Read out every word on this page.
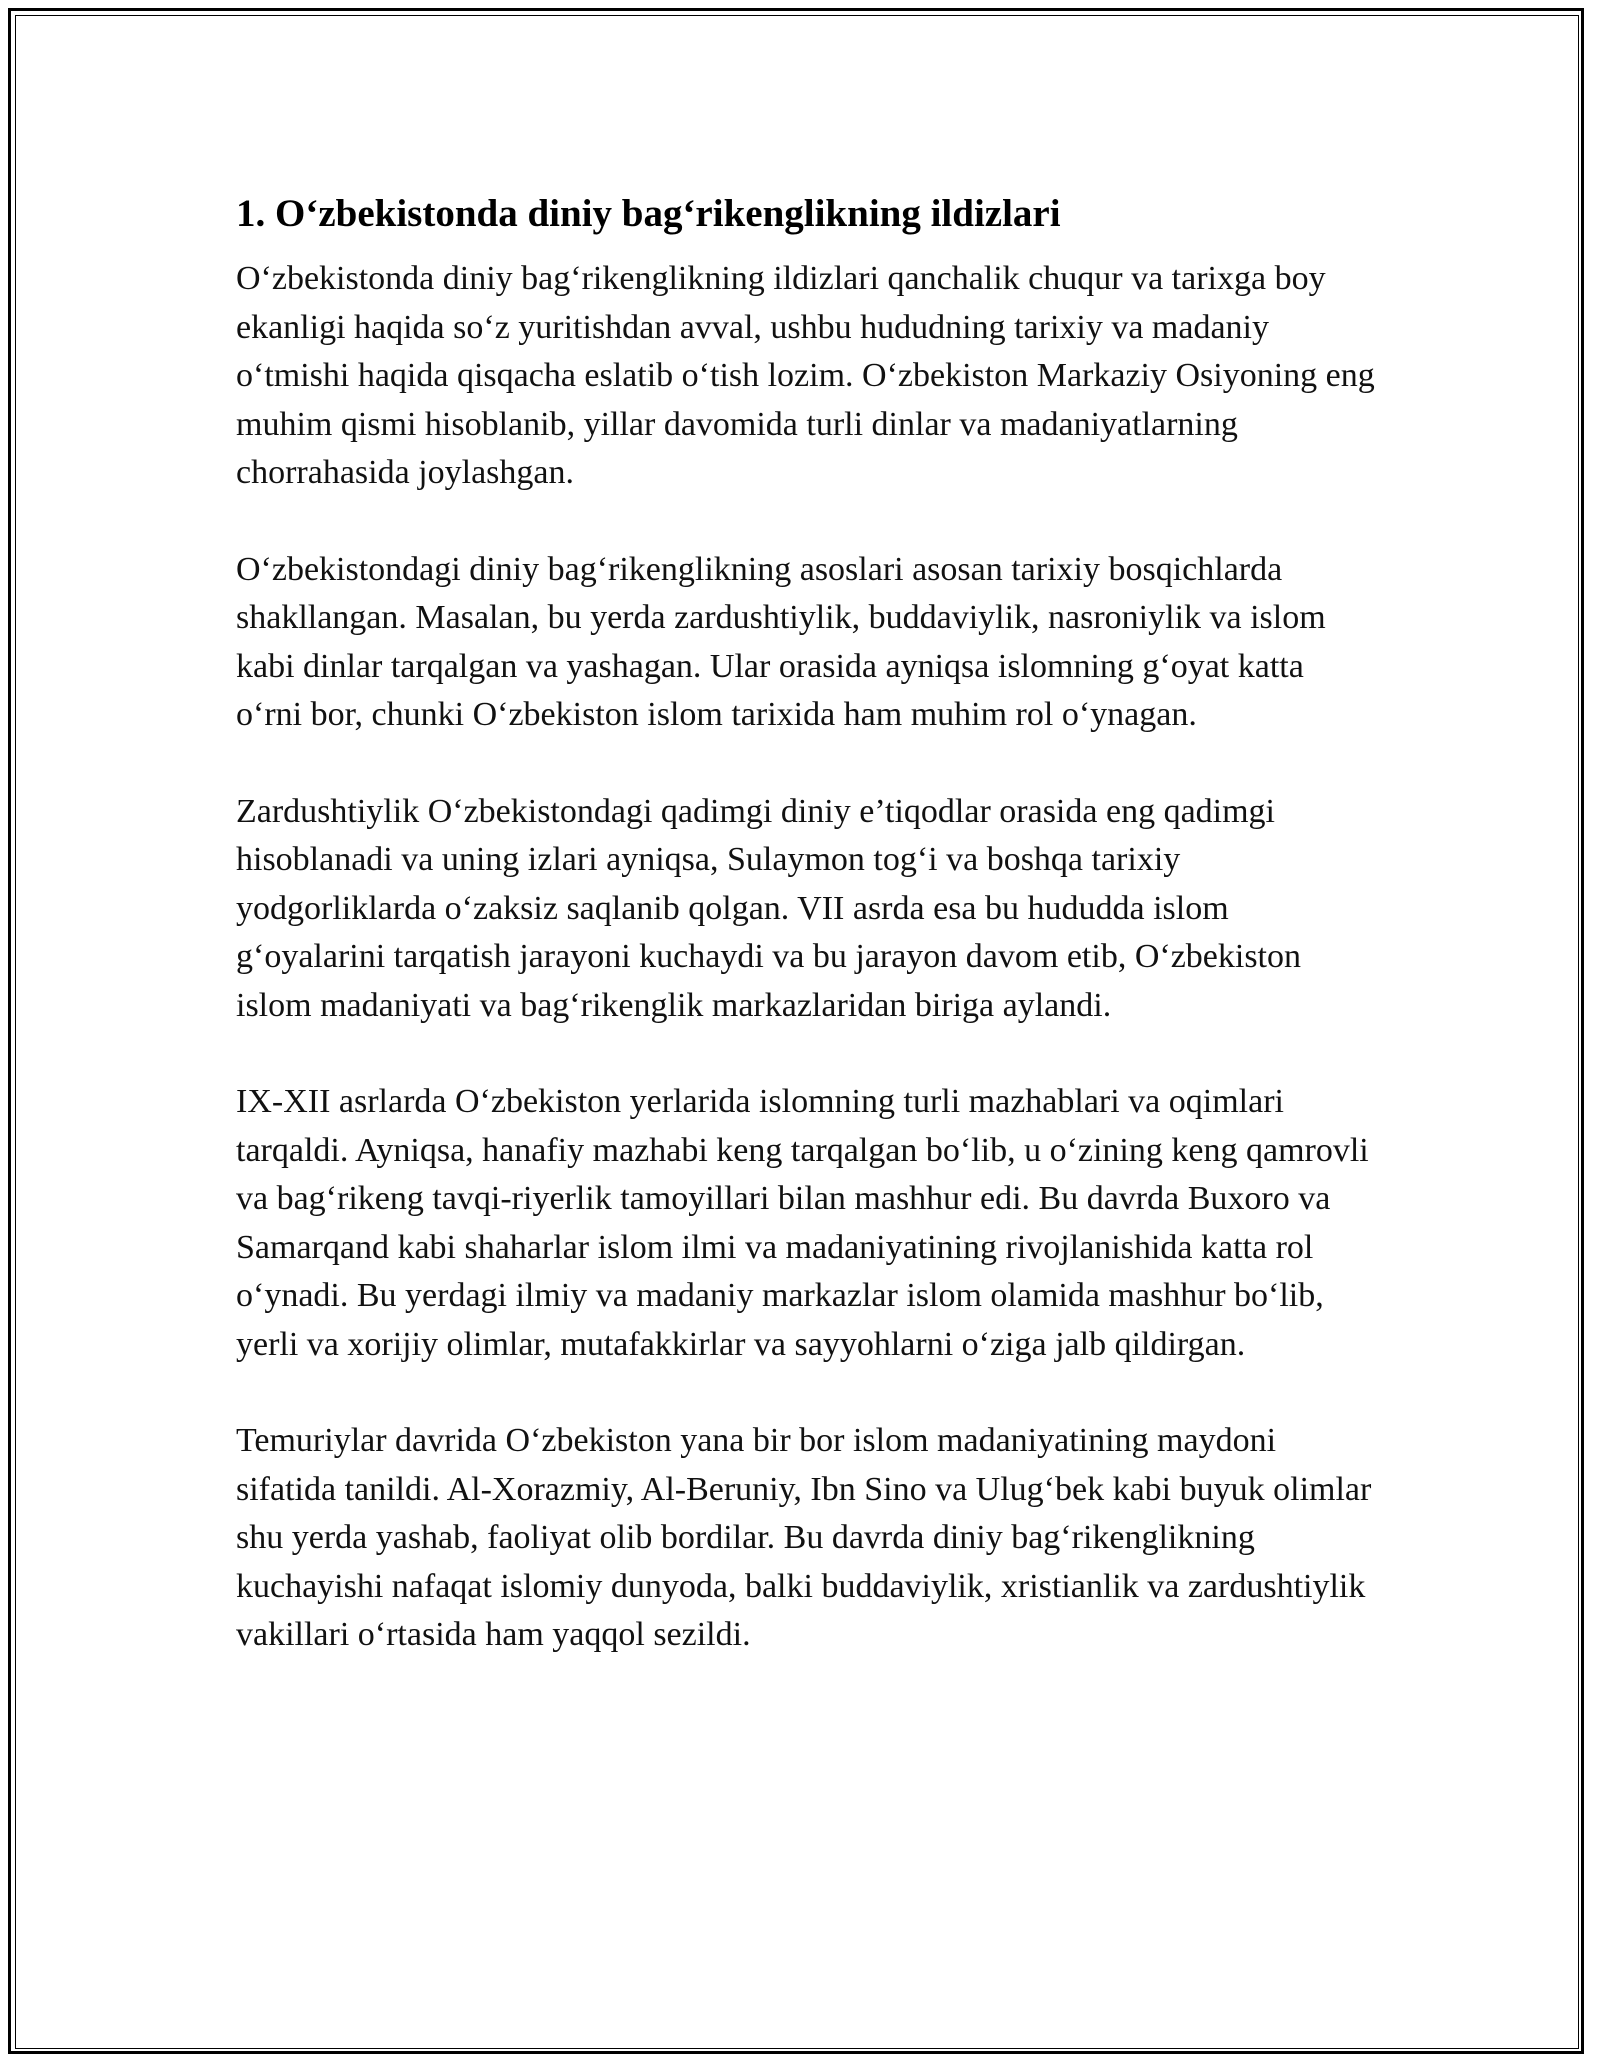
1. O‘zbekistonda diniy bag‘rikenglikning ildizlari

O‘zbekistonda diniy bag‘rikenglikning ildizlari qanchalik chuqur va tarixga boy ekanligi haqida so‘z yuritishdan avval, ushbu hududning tarixiy va madaniy o‘tmishi haqida qisqacha eslatib o‘tish lozim. O‘zbekiston Markaziy Osiyoning eng muhim qismi hisoblanib, yillar davomida turli dinlar va madaniyatlarning chorrahasida joylashgan.

O‘zbekistondagi diniy bag‘rikenglikning asoslari asosan tarixiy bosqichlarda shakllangan. Masalan, bu yerda zardushtiylik, buddaviylik, nasroniylik va islom kabi dinlar tarqalgan va yashagan. Ular orasida ayniqsa islomning g‘oyat katta o‘rni bor, chunki O‘zbekiston islom tarixida ham muhim rol o‘ynagan.

Zardushtiylik O‘zbekistondagi qadimgi diniy e’tiqodlar orasida eng qadimgi hisoblanadi va uning izlari ayniqsa, Sulaymon tog‘i va boshqa tarixiy yodgorliklarda o‘zaksiz saqlanib qolgan. VII asrda esa bu hududda islom g‘oyalarini tarqatish jarayoni kuchaydi va bu jarayon davom etib, O‘zbekiston islom madaniyati va bag‘rikenglik markazlaridan biriga aylandi.

IX-XII asrlarda O‘zbekiston yerlarida islomning turli mazhablari va oqimlari tarqaldi. Ayniqsa, hanafiy mazhabi keng tarqalgan bo‘lib, u o‘zining keng qamrovli va bag‘rikeng tavqi-riyerlik tamoyillari bilan mashhur edi. Bu davrda Buxoro va Samarqand kabi shaharlar islom ilmi va madaniyatining rivojlanishida katta rol o‘ynadi. Bu yerdagi ilmiy va madaniy markazlar islom olamida mashhur bo‘lib, yerli va xorijiy olimlar, mutafakkirlar va sayyohlarni o‘ziga jalb qildirgan.

Temuriylar davrida O‘zbekiston yana bir bor islom madaniyatining maydoni sifatida tanildi. Al-Xorazmiy, Al-Beruniy, Ibn Sino va Ulug‘bek kabi buyuk olimlar shu yerda yashab, faoliyat olib bordilar. Bu davrda diniy bag‘rikenglikning kuchayishi nafaqat islomiy dunyoda, balki buddaviylik, xristianlik va zardushtiylik vakillari o‘rtasida ham yaqqol sezildi.
